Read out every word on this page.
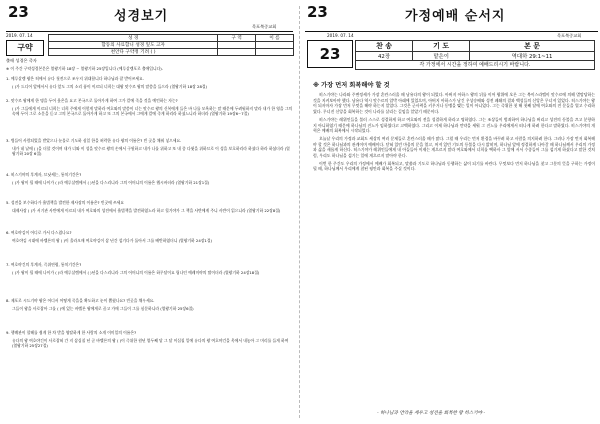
23	성경보기
2019. 07. 14
목포북중교회
구약
성 경	구 역	이 름
합동의 사료합니 성경 잎도 고자		
천안다 구약정 기려 ( )		
출애 성경은 죽자
※ 이 주간 구약성경본문은 열왕기하 18장 ~ 열왕기하 25장입니다 (예루살렘포로 출애입니다).
1. 예루살렘 왕은 히에서 유다 첫전으로 조우지 위대합니다 하나님과 잘 받어쓰세요.
( )가 드디어 앞에서서 유다 앞도 그의 소리 품이 이르되 너희는 대왕 앗수르 왕의 말씀을 들으라 (열왕기하 18장 28절)
2. 앗수르 왕에게 한 명을 두어 웃은을 요고 본국으로 돌아가게 하여 그가 칼에 죽을 것을 예언하는 자는?
( )가 그들에게 이르되 너희는 너희 주에게 이렇게 말하라 여호와의 말씀이 너는 앗수르 왕의 신복에게 들은 바 나를 모욕하는 말 때문에 두려워하지 말라 내가 한 영을 그의 속에 두어 그로 소문을 듣고 그의 본국으로 돌아가게 하고 또 그의 본국에서 그에게 칼에 죽게 하리라 하셨느니라 하더라 (열왕기하 19장6~7절)
3. 병들어 사람되었을 받았으나 눈물로 기도하 심일 한을 허락한 유다 왕의 이름은? 빈 곳을 채워 넣으세요.
내가 네 날에 ( )을 더할 것이며 내가 너와 이 성을 앗수르 왕의 손에서 구원하고 내가 나를 위하고 또 내 종 다윗을 위하므로 이 성을 보호하리라 하셨다 하라 하셨더라 (열왕기하 20장 6절)
4. 히스기야의 후계자, 므낫세는, 통치기간은?
( )가 왕이 될 때에 나이가 ( )라 예루살렘에서 ( )년을 다스리니라 그의 어머니의 이름은 헵시바더라 (열왕기하 21장1절)
5. 성전을 보수하다가 율법책을 발견한 제사장의 이름은? 빈곳에 쓰세요
대제사장 ( )가 서기관 사반에게 이르되 내가 여호와의 성전에서 율법책을 발견하였노라 하고 힐기야가 그 책을 사반에게 주니 사반이 읽으니라 (열왕기하 22장8절)
6. 여호야김이 어디로 가서 다스렸나요?
여호야김 시대에 바벨론의 왕 ( )이 올라오매 여호야김이 삼 년간 섬기다가 돌아서 그를 배반하였더니 (열왕기하 24장1절)
7. 여호야긴의 후계자, 즉위연령, 통치기간은?
( )가 왕이 될 때에 나이가 ( )라 예루살렘에서 ( )년을 다스리니라 그의 어머니의 이름은 하무달이요 립나인 예레미야의 딸이더라 (열왕기하 24장18절)
8. 제포로 시드기야 왕은 어디서 어떻게 죽을을 확도하고 눈이 뽑혔나요? 빈곳을 채우세요.
그들이 왕을 사로잡아 그를 ( )에 있는 바벨론 왕에게로 끌고 가매 그들이 그를 심문하니라 (열왕기하 25장6절)
9. 행례관이 할해를 쉽게 한 차 받을 영탈하게 한 사람의 소개 이미일의 이름은?
유다의 왕 여호야긴이 사로잡혀 간 지 삼십칠 년 곧 바벨론의 왕 ( )이 즉위한 원년 열두째 달 그 달 이십칠 일에 유다의 왕 여호야긴을 옥에서 내놓아 그 머리를 들게 하여 (열왕기하 25장27절)
23	가정예배 순서지
2019. 07. 14	목포북중교회
23	찬 송	기 도	본 문
42장	맡은이	역대하 29:1~11
각 가정에서 시간을 정하여 예배드리시기 바랍니다.
※ 가장 먼저 회복해야 할 것

히스기야는 나라와 주변정세가 가장 혼란스러울 때 남유다의 왕이 되었다. 아버지 아하스 왕의 뒤를 이어 왕위에 오른 그는 북이스라엘이 앗수르에 의해 멸망당하는 것을 지켜보아야 했다. 남유다 역시 앗수르의 압박 아래에 있었으며, 아버지 아하스가 남긴 우상숭배와 성전 폐쇄의 결과 백성들의 신앙은 무너져 있었다. 히스기야는 왕이 되자마자 가장 먼저 무엇을 해야 하는지 알았다. 그것은 군사력을 키우거나 동맹을 맺는 일이 아니었다. 그는 즉위한 첫 해 첫째 달에 여호와의 전 문들을 열고 수리하였다. 무너진 신앙을 회복하는 것이 나라를 살리는 길임을 알았기 때문이다.

히스기야는 레위인들을 불러 스스로 성결하게 하고 여호와의 전을 성결하게 하라고 명하였다. 그는 조상들이 범죄하여 하나님을 버리고 성전의 등불을 끄고 분향하지 아니하였기 때문에 하나님의 진노가 임하였다고 고백하였다. 그리고 이제 하나님과 언약을 세워 그 진노를 우리에게서 떠나게 하려 한다고 말하였다. 히스기야의 개혁은 예배의 회복에서 시작되었다.

오늘날 우리의 가정과 교회도 세상의 여러 문제들로 혼란스러울 때가 많다. 그럴 때 우리는 먼저 환경을 바꾸려 하고 사람을 의지하려 한다. 그러나 가장 먼저 회복해야 할 것은 하나님과의 관계이며 예배이다. 닫혀 있던 마음의 문을 열고, 꺼져 있던 기도의 등불을 다시 밝히며, 하나님 앞에 정결하게 나아갈 때 하나님께서 우리의 가정과 삶을 새롭게 하신다. 히스기야가 레위인들에게 내 아들들아 이제는 게으르지 말라 여호와께서 너희를 택하사 그 앞에 서서 수종들어 그를 섬기게 하셨다고 말한 것처럼, 우리도 하나님을 섬기는 일에 게으르지 말아야 한다.

이번 한 주간도 우리의 가정에서 예배가 회복되고, 말씀과 기도로 하나님과 동행하는 삶이 되기를 바란다. 무엇보다 먼저 하나님을 찾고 그분의 뜻을 구하는 가정이 될 때, 하나님께서 우리에게 참된 평안과 회복을 주실 것이다.

- 하나님과 언약을 세우고 성전을 회복한 왕 히스기야 -
